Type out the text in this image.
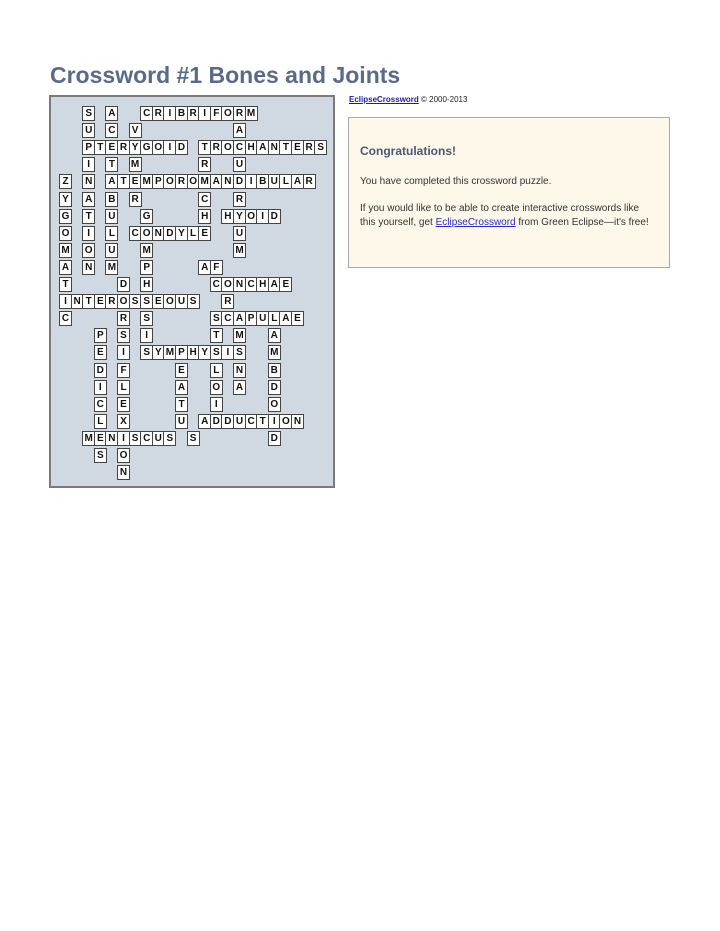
Crossword #1 Bones and Joints
S	A	C R I B R I F O R M
U C	V	A
P T E R Y G O I D	T R O C H A N T E R S
I	T	M	R	U
Z	N A T E M P O R O M A N D I B U L A R
Y	A B R	C	R
G	T	U	G	H H Y O I D
O	I	L	C O N D Y L E	U
M O U	M	M
A N M	P	A F
T	D H	C O N C H A E
I N T E R O S S E O U S	R
C	R	S	S C A P U L A E
P	S	I	T	M	A
E	I	S Y M P H Y S I S	M
D	F	E	L	N	B
I	L	A	O A	D
C	E	T	I	O
L	X	U A D D U C T I O N
M E N I S C U S	S	D
S	O
N
EclipseCrossword © 2000-2013

Congratulations!

You have completed this crossword puzzle.

If you would like to be able to create interactive crosswords like this yourself, get EclipseCrossword from Green Eclipse—it's free!
